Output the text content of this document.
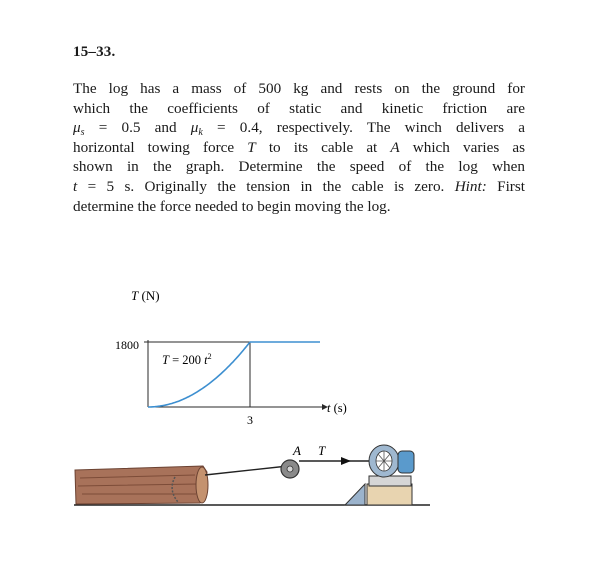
15–33.
The log has a mass of 500 kg and rests on the ground for
which the coefficients of static and kinetic friction are
$\mu_s = 0.5$ and $\mu_k = 0.4$, respectively. The winch delivers a
horizontal towing force T to its cable at A which varies as
shown in the graph. Determine the speed of the log when
t = 5 s. Originally the tension in the cable is zero. Hint: First
determine the force needed to begin moving the log.
T (N)
1800
3
T = 200 $t^2$
t (s)
A T
